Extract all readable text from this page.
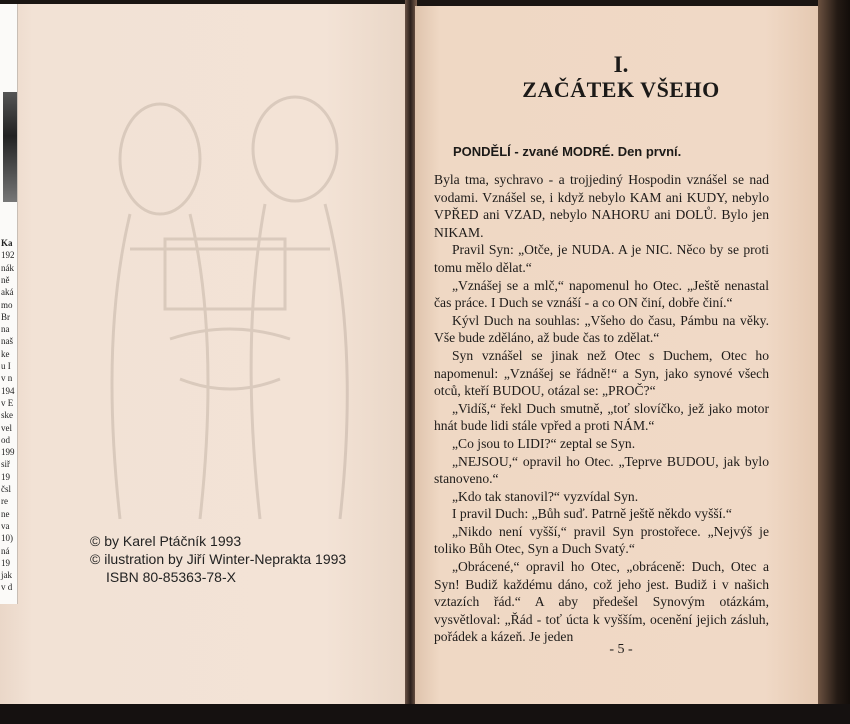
Ka
192
nák
ně
aká
mo
Br
na
naš
ke
u I
v n
194
v E
ske
vel
od
199
siř
19
čsl
re
ne
va
10)
ná
19
jak
v d
© by Karel Ptáčník 1993
© ilustration by Jiří Winter-Neprakta 1993
ISBN 80-85363-78-X
I.
ZAČÁTEK VŠEHO
PONDĚLÍ - zvané MODRÉ. Den první.

Byla tma, sychravo - a trojjediný Hospodin vznášel se nad vodami. Vznášel se, i když nebylo KAM ani KUDY, nebylo VPŘED ani VZAD, nebylo NAHORU ani DOLŮ. Bylo jen NIKAM.

Pravil Syn: „Otče, je NUDA. A je NIC. Něco by se proti tomu mělo dělat.“

„Vznášej se a mlč,“ napomenul ho Otec. „Ještě nenastal čas práce. I Duch se vznáší - a co ON činí, dobře činí.“

Kývl Duch na souhlas: „Všeho do času, Pámbu na věky. Vše bude zděláno, až bude čas to zdělat.“

Syn vznášel se jinak než Otec s Duchem, Otec ho napomenul: „Vznášej se řádně!“ a Syn, jako synové všech otců, kteří BUDOU, otázal se: „PROČ?“

„Vidíš,“ řekl Duch smutně, „toť slovíčko, jež jako motor hnát bude lidi stále vpřed a proti NÁM.“

„Co jsou to LIDI?“ zeptal se Syn.

„NEJSOU,“ opravil ho Otec. „Teprve BUDOU, jak bylo stanoveno.“

„Kdo tak stanovil?“ vyzvídal Syn.

I pravil Duch: „Bůh suď. Patrně ještě někdo vyšší.“

„Nikdo není vyšší,“ pravil Syn prostořece. „Nejvýš je toliko Bůh Otec, Syn a Duch Svatý.“

„Obrácené,“ opravil ho Otec, „obráceně: Duch, Otec a Syn! Budiž každému dáno, což jeho jest. Budiž i v našich vztazích řád.“ A aby předešel Synovým otázkám, vysvětloval: „Řád - toť úcta k vyšším, ocenění jejich zásluh, pořádek a kázeň. Je jeden

- 5 -
